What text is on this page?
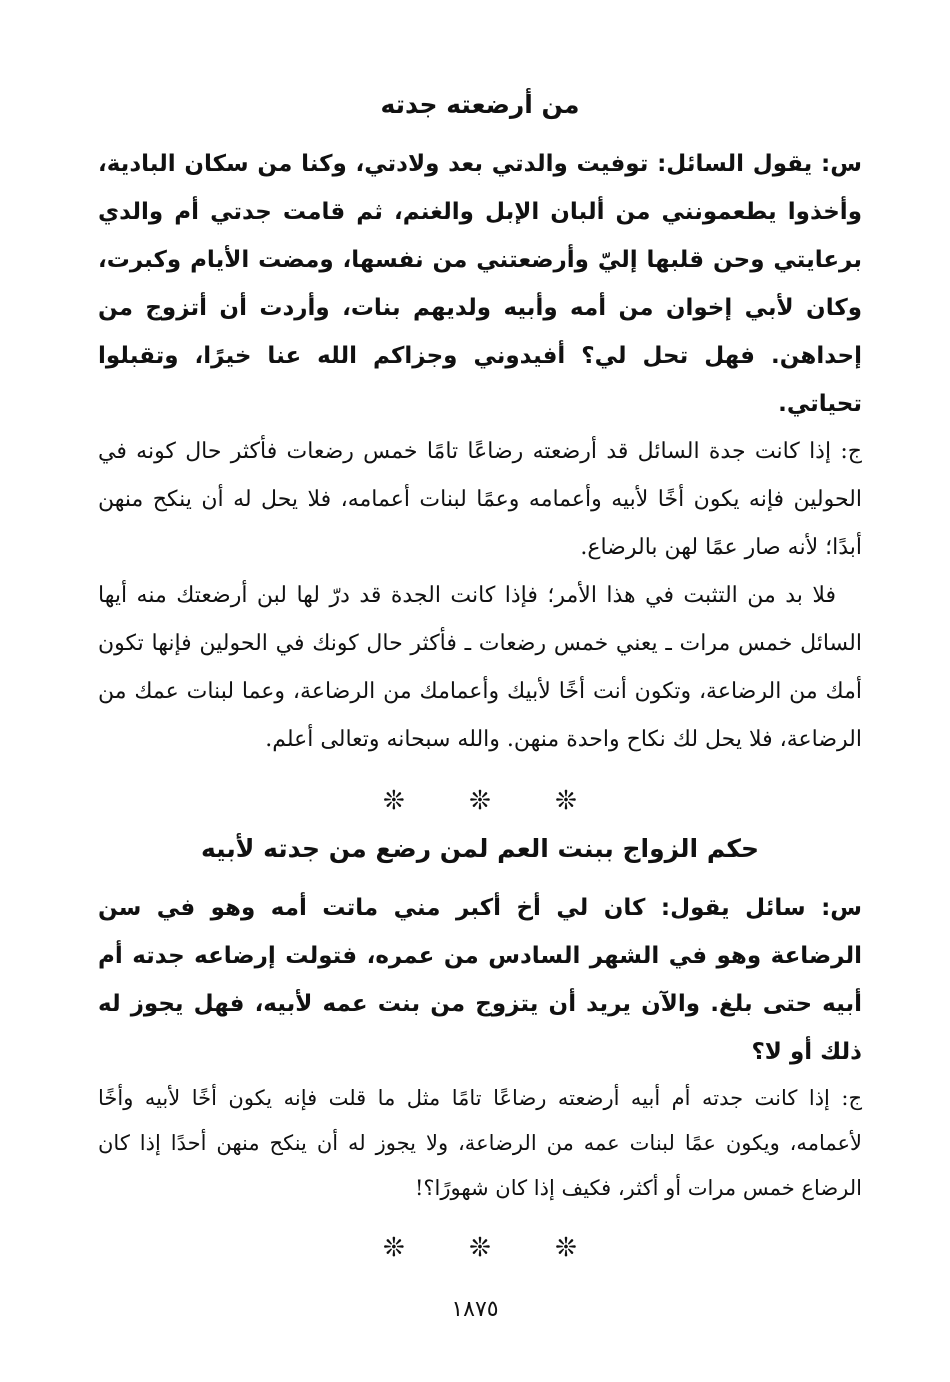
من أرضعته جدته

س: يقول السائل: توفيت والدتي بعد ولادتي، وكنا من سكان البادية، وأخذوا يطعمونني من ألبان الإبل والغنم، ثم قامت جدتي أم والدي برعايتي وحن قلبها إليّ وأرضعتني من نفسها، ومضت الأيام وكبرت، وكان لأبي إخوان من أمه وأبيه ولديهم بنات، وأردت أن أتزوج من إحداهن. فهل تحل لي؟ أفيدوني وجزاكم الله عنا خيرًا، وتقبلوا تحياتي.

ج: إذا كانت جدة السائل قد أرضعته رضاعًا تامًا خمس رضعات فأكثر حال كونه في الحولين فإنه يكون أخًا لأبيه وأعمامه وعمًا لبنات أعمامه، فلا يحل له أن ينكح منهن أبدًا؛ لأنه صار عمًا لهن بالرضاع.

فلا بد من التثبت في هذا الأمر؛ فإذا كانت الجدة قد درّ لها لبن أرضعتك منه أيها السائل خمس مرات ـ يعني خمس رضعات ـ فأكثر حال كونك في الحولين فإنها تكون أمك من الرضاعة، وتكون أنت أخًا لأبيك وأعمامك من الرضاعة، وعما لبنات عمك من الرضاعة، فلا يحل لك نكاح واحدة منهن. والله سبحانه وتعالى أعلم.

❊ ❊ ❊
حكم الزواج ببنت العم لمن رضع من جدته لأبيه

س: سائل يقول: كان لي أخ أكبر مني ماتت أمه وهو في سن الرضاعة وهو في الشهر السادس من عمره، فتولت إرضاعه جدته أم أبيه حتى بلغ. والآن يريد أن يتزوج من بنت عمه لأبيه، فهل يجوز له ذلك أو لا؟

ج: إذا كانت جدته أم أبيه أرضعته رضاعًا تامًا مثل ما قلت فإنه يكون أخًا لأبيه وأخًا لأعمامه، ويكون عمًا لبنات عمه من الرضاعة، ولا يجوز له أن ينكح منهن أحدًا إذا كان الرضاع خمس مرات أو أكثر، فكيف إذا كان شهورًا؟!

❊ ❊ ❊
١٨٧٥
